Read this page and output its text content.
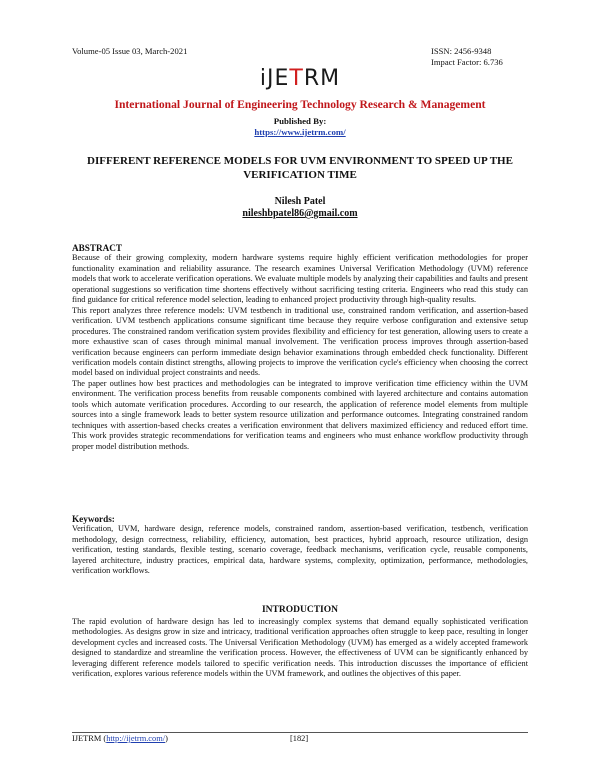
Volume-05 Issue 03, March-2021	ISSN: 2456-9348
Impact Factor: 6.736
iJETRM
International Journal of Engineering Technology Research & Management
Published By:
https://www.ijetrm.com/
DIFFERENT REFERENCE MODELS FOR UVM ENVIRONMENT TO SPEED UP THE VERIFICATION TIME
Nilesh Patel
nileshbpatel86@gmail.com
ABSTRACT

Because of their growing complexity, modern hardware systems require highly efficient verification methodologies for proper functionality examination and reliability assurance. The research examines Universal Verification Methodology (UVM) reference models that work to accelerate verification operations. We evaluate multiple models by analyzing their capabilities and faults and present operational suggestions so verification time shortens effectively without sacrificing testing criteria. Engineers who read this study can find guidance for critical reference model selection, leading to enhanced project productivity through high-quality results.

This report analyzes three reference models: UVM testbench in traditional use, constrained random verification, and assertion-based verification. UVM testbench applications consume significant time because they require verbose configuration and extensive setup procedures. The constrained random verification system provides flexibility and efficiency for test generation, allowing users to create a more exhaustive scan of cases through minimal manual involvement. The verification process improves through assertion-based verification because engineers can perform immediate design behavior examinations through embedded check functionality. Different verification models contain distinct strengths, allowing projects to improve the verification cycle's efficiency when choosing the correct model based on individual project constraints and needs.

The paper outlines how best practices and methodologies can be integrated to improve verification time efficiency within the UVM environment. The verification process benefits from reusable components combined with layered architecture and contains automation tools which automate verification procedures. According to our research, the application of reference model elements from multiple sources into a single framework leads to better system resource utilization and performance outcomes. Integrating constrained random techniques with assertion-based checks creates a verification environment that delivers maximized efficiency and reduced effort time. This work provides strategic recommendations for verification teams and engineers who must enhance workflow productivity through proper model distribution methods.

Keywords:

Verification, UVM, hardware design, reference models, constrained random, assertion-based verification, testbench, verification methodology, design correctness, reliability, efficiency, automation, best practices, hybrid approach, resource utilization, design verification, testing standards, flexible testing, scenario coverage, feedback mechanisms, verification cycle, reusable components, layered architecture, industry practices, empirical data, hardware systems, complexity, optimization, performance, methodologies, verification workflows.

INTRODUCTION

The rapid evolution of hardware design has led to increasingly complex systems that demand equally sophisticated verification methodologies. As designs grow in size and intricacy, traditional verification approaches often struggle to keep pace, resulting in longer development cycles and increased costs. The Universal Verification Methodology (UVM) has emerged as a widely accepted framework designed to standardize and streamline the verification process. However, the effectiveness of UVM can be significantly enhanced by leveraging different reference models tailored to specific verification needs. This introduction discusses the importance of efficient verification, explores various reference models within the UVM framework, and outlines the objectives of this paper.

IJETRM (http://ijetrm.com/)	[182]
